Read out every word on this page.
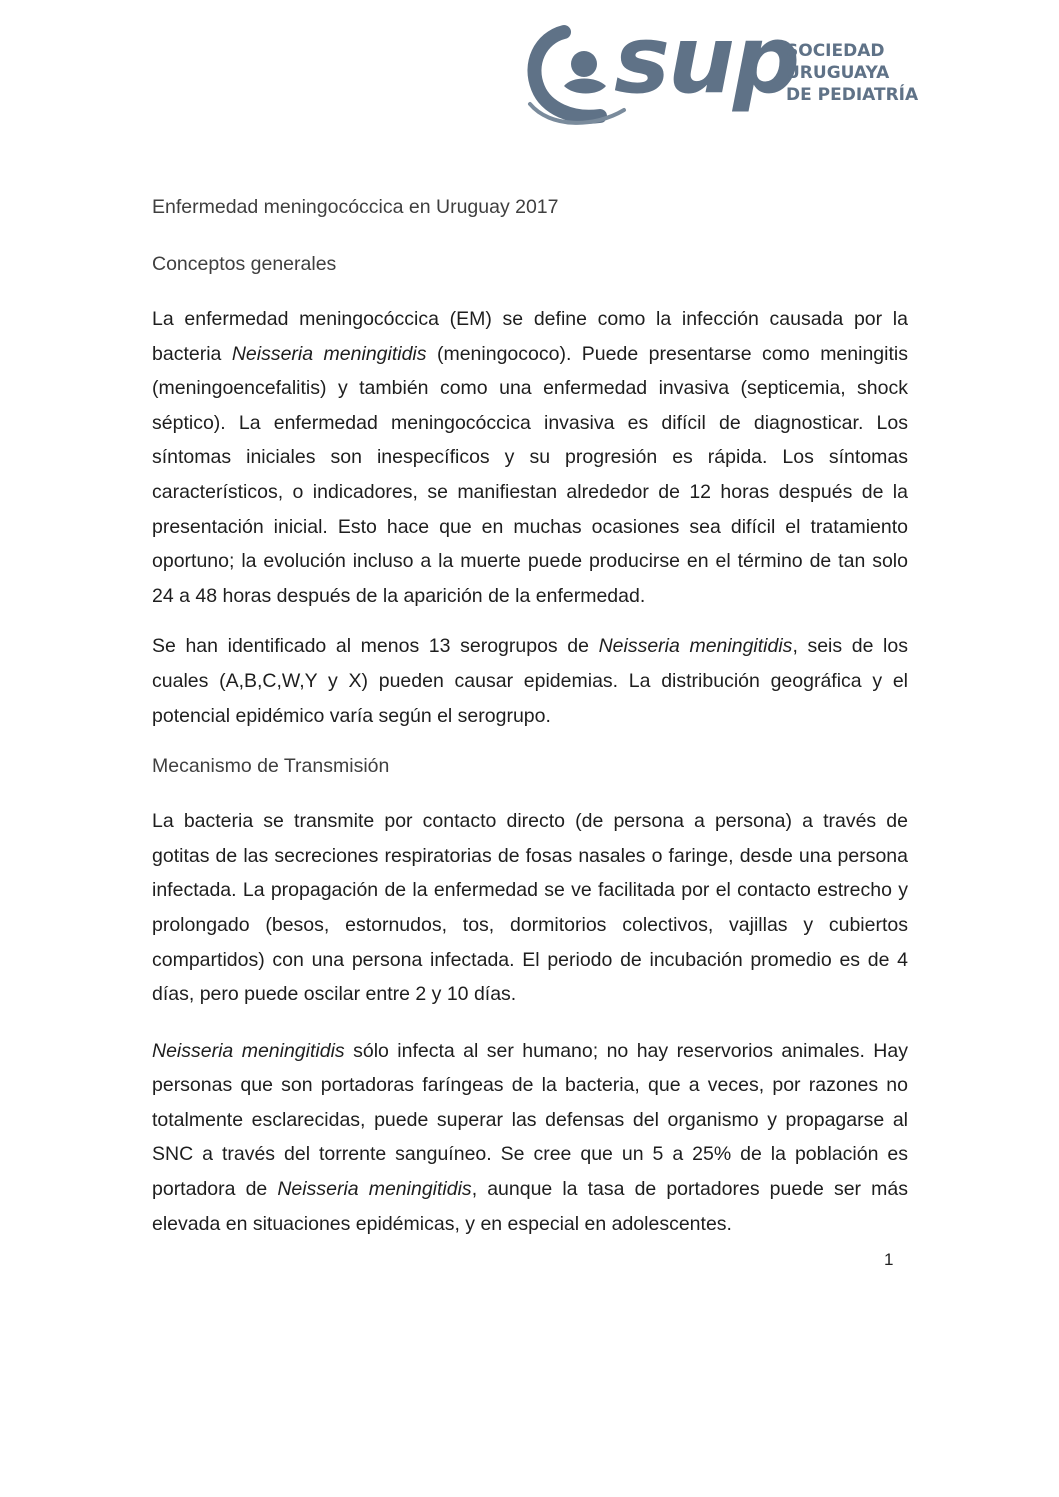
sup
SOCIEDAD
URUGUAYA
DE PEDIATRÍA
Enfermedad meningocóccica en Uruguay 2017
Conceptos generales

La enfermedad meningocóccica (EM) se define como la infección causada por la bacteria Neisseria meningitidis (meningococo). Puede presentarse como meningitis (meningoencefalitis) y también como una enfermedad invasiva (septicemia, shock séptico). La enfermedad meningocóccica invasiva es difícil de diagnosticar. Los síntomas iniciales son inespecíficos y su progresión es rápida. Los síntomas característicos, o indicadores, se manifiestan alrededor de 12 horas después de la presentación inicial. Esto hace que en muchas ocasiones sea difícil el tratamiento oportuno; la evolución incluso a la muerte puede producirse en el término de tan solo 24 a 48 horas después de la aparición de la enfermedad.

Se han identificado al menos 13 serogrupos de Neisseria meningitidis, seis de los cuales (A,B,C,W,Y y X) pueden causar epidemias. La distribución geográfica y el potencial epidémico varía según el serogrupo.

Mecanismo de Transmisión

La bacteria se transmite por contacto directo (de persona a persona) a través de gotitas de las secreciones respiratorias de fosas nasales o faringe, desde una persona infectada. La propagación de la enfermedad se ve facilitada por el contacto estrecho y prolongado (besos, estornudos, tos, dormitorios colectivos, vajillas y cubiertos compartidos) con una persona infectada. El periodo de incubación promedio es de 4 días, pero puede oscilar entre 2 y 10 días.

Neisseria meningitidis sólo infecta al ser humano; no hay reservorios animales. Hay personas que son portadoras faríngeas de la bacteria, que a veces, por razones no totalmente esclarecidas, puede superar las defensas del organismo y propagarse al SNC a través del torrente sanguíneo. Se cree que un 5 a 25% de la población es portadora de Neisseria meningitidis, aunque la tasa de portadores puede ser más elevada en situaciones epidémicas, y en especial en adolescentes.

1
